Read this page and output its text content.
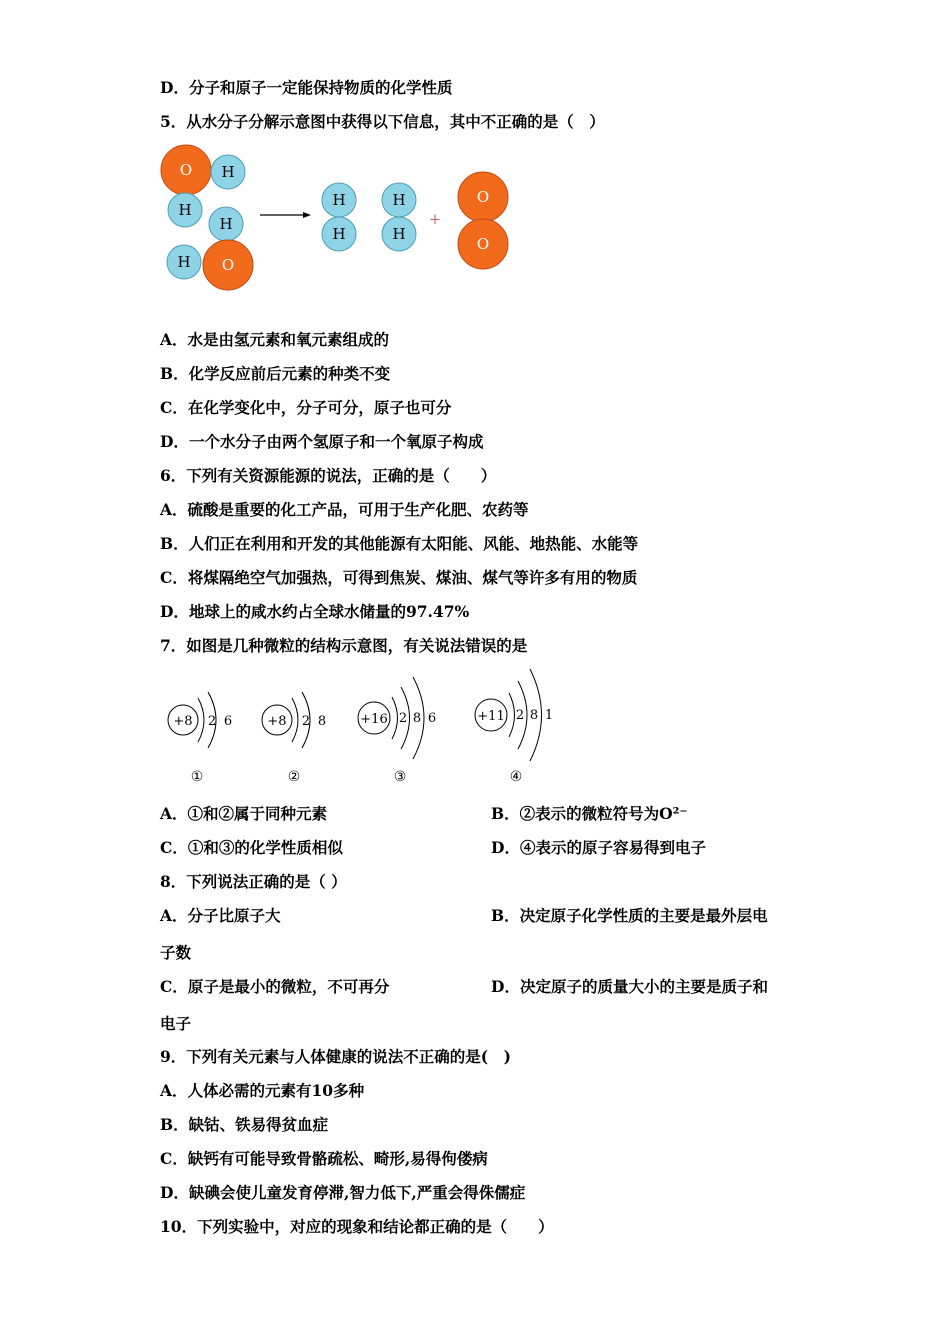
D．分子和原子一定能保持物质的化学性质
5．从水分子分解示意图中获得以下信息，其中不正确的是（　）
O H
H
H
H O
H
H
H
H
+
O
O
A．水是由氢元素和氧元素组成的
B．化学反应前后元素的种类不变
C．在化学变化中，分子可分，原子也可分
D．一个水分子由两个氢原子和一个氧原子构成
6．下列有关资源能源的说法，正确的是（　　）
A．硫酸是重要的化工产品，可用于生产化肥、农药等
B．人们正在利用和开发的其他能源有太阳能、风能、地热能、水能等
C．将煤隔绝空气加强热，可得到焦炭、煤油、煤气等许多有用的物质
D．地球上的咸水约占全球水储量的97.47%
7．如图是几种微粒的结构示意图，有关说法错误的是
+8 2 6
①
+8 2 8
②
+16 2 8 6
③
+11 2 8 1
④
A．①和②属于同种元素	B．②表示的微粒符号为O²⁻
C．①和③的化学性质相似	D．④表示的原子容易得到电子
8．下列说法正确的是（ ）
A．分子比原子大	B．决定原子化学性质的主要是最外层电
子数
C．原子是最小的微粒，不可再分	D．决定原子的质量大小的主要是质子和
电子
9．下列有关元素与人体健康的说法不正确的是(　)
A．人体必需的元素有10多种
B．缺钴、铁易得贫血症
C．缺钙有可能导致骨骼疏松、畸形,易得佝偻病
D．缺碘会使儿童发育停滞,智力低下,严重会得侏儒症
10．下列实验中，对应的现象和结论都正确的是（　　）
